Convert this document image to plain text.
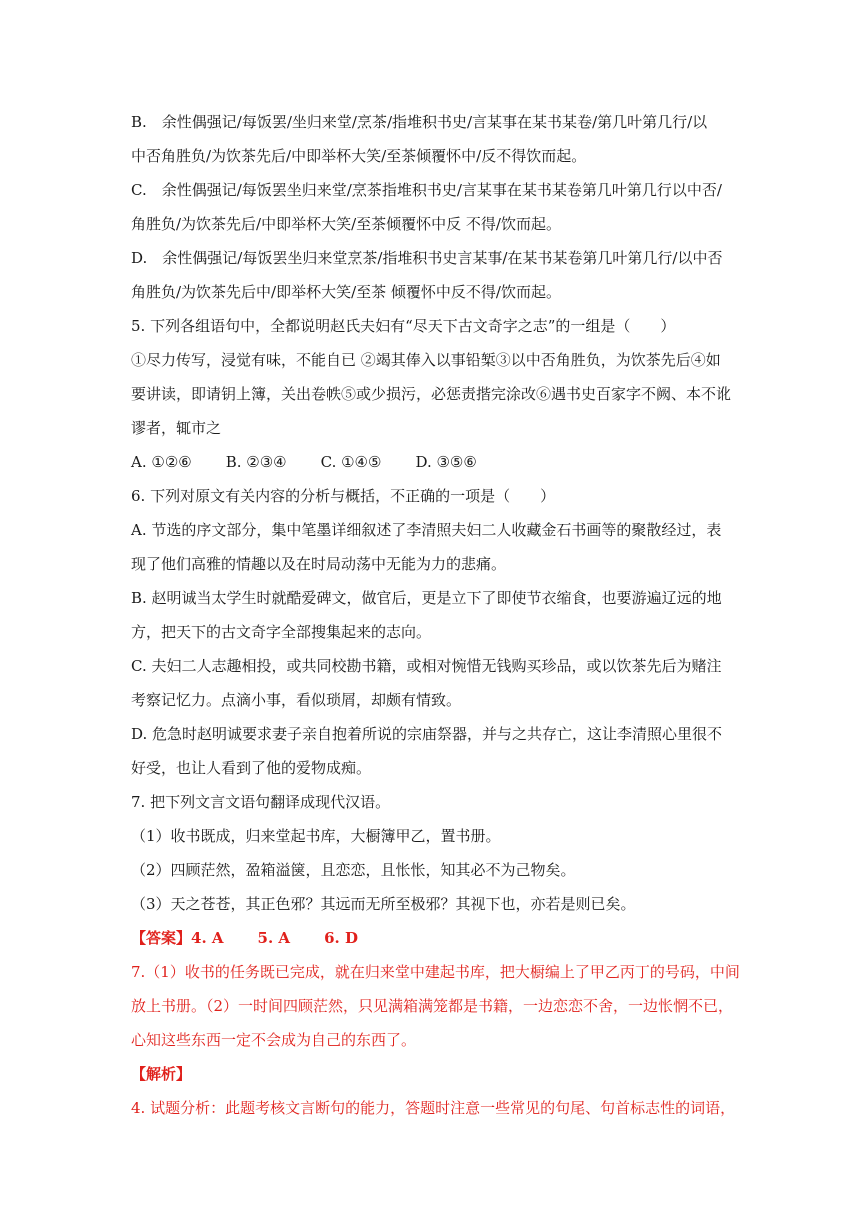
B.　余性偶强记/每饭罢/坐归来堂/烹茶/指堆积书史/言某事在某书某卷/第几叶第几行/以
中否角胜负/为饮茶先后/中即举杯大笑/至茶倾覆怀中/反不得饮而起。
C.　余性偶强记/每饭罢坐归来堂/烹茶指堆积书史/言某事在某书某卷第几叶第几行以中否/
角胜负/为饮茶先后/中即举杯大笑/至茶倾覆怀中反 不得/饮而起。
D.　余性偶强记/每饭罢坐归来堂烹茶/指堆积书史言某事/在某书某卷第几叶第几行/以中否
角胜负/为饮茶先后中/即举杯大笑/至茶 倾覆怀中反不得/饮而起。
5. 下列各组语句中，全都说明赵氏夫妇有“尽天下古文奇字之志”的一组是（　　）
①尽力传写，浸觉有味，不能自已 ②竭其俸入以事铅椠③以中否角胜负，为饮茶先后④如
要讲读，即请钥上簿，关出卷帙⑤或少损污，必惩责揩完涂改⑥遇书史百家字不阙、本不讹
谬者，辄市之
A. ①②⑥ B. ②③④ C. ①④⑤ D. ③⑤⑥
6. 下列对原文有关内容的分析与概括，不正确的一项是（　　）
A. 节选的序文部分，集中笔墨详细叙述了李清照夫妇二人收藏金石书画等的聚散经过，表
现了他们高雅的情趣以及在时局动荡中无能为力的悲痛。
B. 赵明诚当太学生时就酷爱碑文，做官后，更是立下了即使节衣缩食，也要游遍辽远的地
方，把天下的古文奇字全部搜集起来的志向。
C. 夫妇二人志趣相投，或共同校勘书籍，或相对惋惜无钱购买珍品，或以饮茶先后为赌注
考察记忆力。点滴小事，看似琐屑，却颇有情致。
D. 危急时赵明诚要求妻子亲自抱着所说的宗庙祭器，并与之共存亡，这让李清照心里很不
好受，也让人看到了他的爱物成痴。
7. 把下列文言文语句翻译成现代汉语。
（1）收书既成，归来堂起书库，大橱簿甲乙，置书册。
（2）四顾茫然，盈箱溢箧，且恋恋，且怅怅，知其必不为己物矣。
（3）天之苍苍，其正色邪？其远而无所至极邪？其视下也，亦若是则已矣。
【答案】4. A 5. A 6. D
7.（1）收书的任务既已完成，就在归来堂中建起书库，把大橱编上了甲乙丙丁的号码，中间
放上书册。（2）一时间四顾茫然，只见满箱满笼都是书籍，一边恋恋不舍，一边怅惘不已，
心知这些东西一定不会成为自己的东西了。
【解析】
4. 试题分析：此题考核文言断句的能力，答题时注意一些常见的句尾、句首标志性的词语，
